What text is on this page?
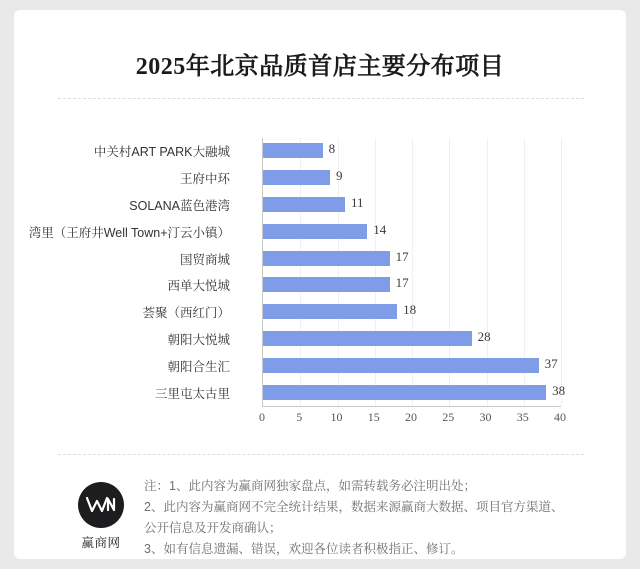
2025年北京品质首店主要分布项目
中关村ART PARK大融城	8
王府中环	9
SOLANA蓝色港湾	11
湾里（王府井Well Town+汀云小镇）	14
国贸商城	17
西单大悦城	17
荟聚（西红门）	18
朝阳大悦城	28
朝阳合生汇	37
三里屯太古里	38
0	5 10 15 20 25 30 35 40
赢商网
注：1、此内容为赢商网独家盘点，如需转载务必注明出处；
2、此内容为赢商网不完全统计结果，数据来源赢商大数据、项目官方渠道、
公开信息及开发商确认；
3、如有信息遗漏、错误，欢迎各位读者积极指正、修订。
